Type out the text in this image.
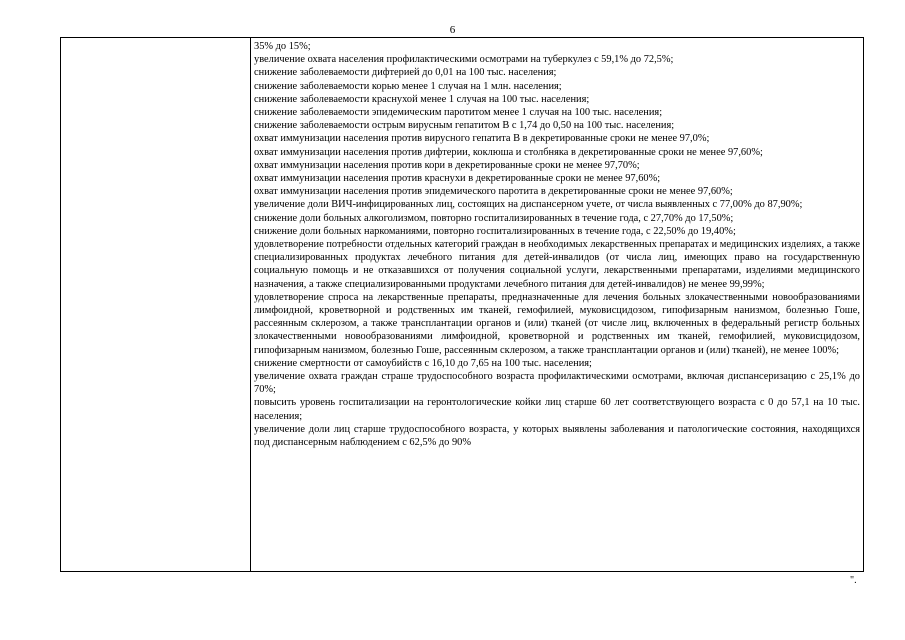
6

35% до 15%;

увеличение охвата населения профилактическими осмотрами на туберкулез с 59,1% до 72,5%;

снижение заболеваемости дифтерией до 0,01 на 100 тыс. населения;

снижение заболеваемости корью менее 1 случая на 1 млн. населения;

снижение заболеваемости краснухой менее 1 случая на 100 тыс. населения;

снижение заболеваемости эпидемическим паротитом менее 1 случая на 100 тыс. населения;

снижение заболеваемости острым вирусным гепатитом В с 1,74 до 0,50 на 100 тыс. населения;

охват иммунизации населения против вирусного гепатита В в декретированные сроки не менее 97,0%;

охват иммунизации населения против дифтерии, коклюша и столбняка в декретированные сроки не менее 97,60%;

охват иммунизации населения против кори в декретированные сроки не менее 97,70%;

охват иммунизации населения против краснухи в декретированные сроки не менее 97,60%;

охват иммунизации населения против эпидемического паротита в декретированные сроки не менее 97,60%;

увеличение доли ВИЧ-инфицированных лиц, состоящих на диспансерном учете, от числа выявленных с 77,00% до 87,90%;

снижение доли больных алкоголизмом, повторно госпитализированных в течение года, с 27,70% до 17,50%;

снижение доли больных наркоманиями, повторно госпитализированных в течение года, с 22,50% до 19,40%;

удовлетворение потребности отдельных категорий граждан в необходимых лекарственных препаратах и медицинских изделиях, а также специализированных продуктах лечебного питания для детей-инвалидов (от числа лиц, имеющих право на государственную социальную помощь и не отказавшихся от получения социальной услуги, лекарственными препаратами, изделиями медицинского назначения, а также специализированными продуктами лечебного питания для детей-инвалидов) не менее 99,99%;

удовлетворение спроса на лекарственные препараты, предназначенные для лечения больных злокачественными новообразованиями лимфоидной, кроветворной и родственных им тканей, гемофилией, муковисцидозом, гипофизарным нанизмом, болезнью Гоше, рассеянным склерозом, а также трансплантации органов и (или) тканей (от числе лиц, включенных в федеральный регистр больных злокачественными новообразованиями лимфоидной, кроветворной и родственных им тканей, гемофилией, муковисцидозом, гипофизарным нанизмом, болезнью Гоше, рассеянным склерозом, а также трансплантации органов и (или) тканей), не менее 100%;

снижение смертности от самоубийств с 16,10 до 7,65 на 100 тыс. населения;

увеличение охвата граждан страше трудоспособного возраста профилактическими осмотрами, включая диспансеризацию с 25,1% до 70%;

повысить уровень госпитализации на геронтологические койки лиц старше 60 лет соответствующего возраста с 0 до 57,1 на 10 тыс. населения;

увеличение доли лиц старше трудоспособного возраста, у которых выявлены заболевания и патологические состояния, находящихся под диспансерным наблюдением с 62,5% до 90%

".
